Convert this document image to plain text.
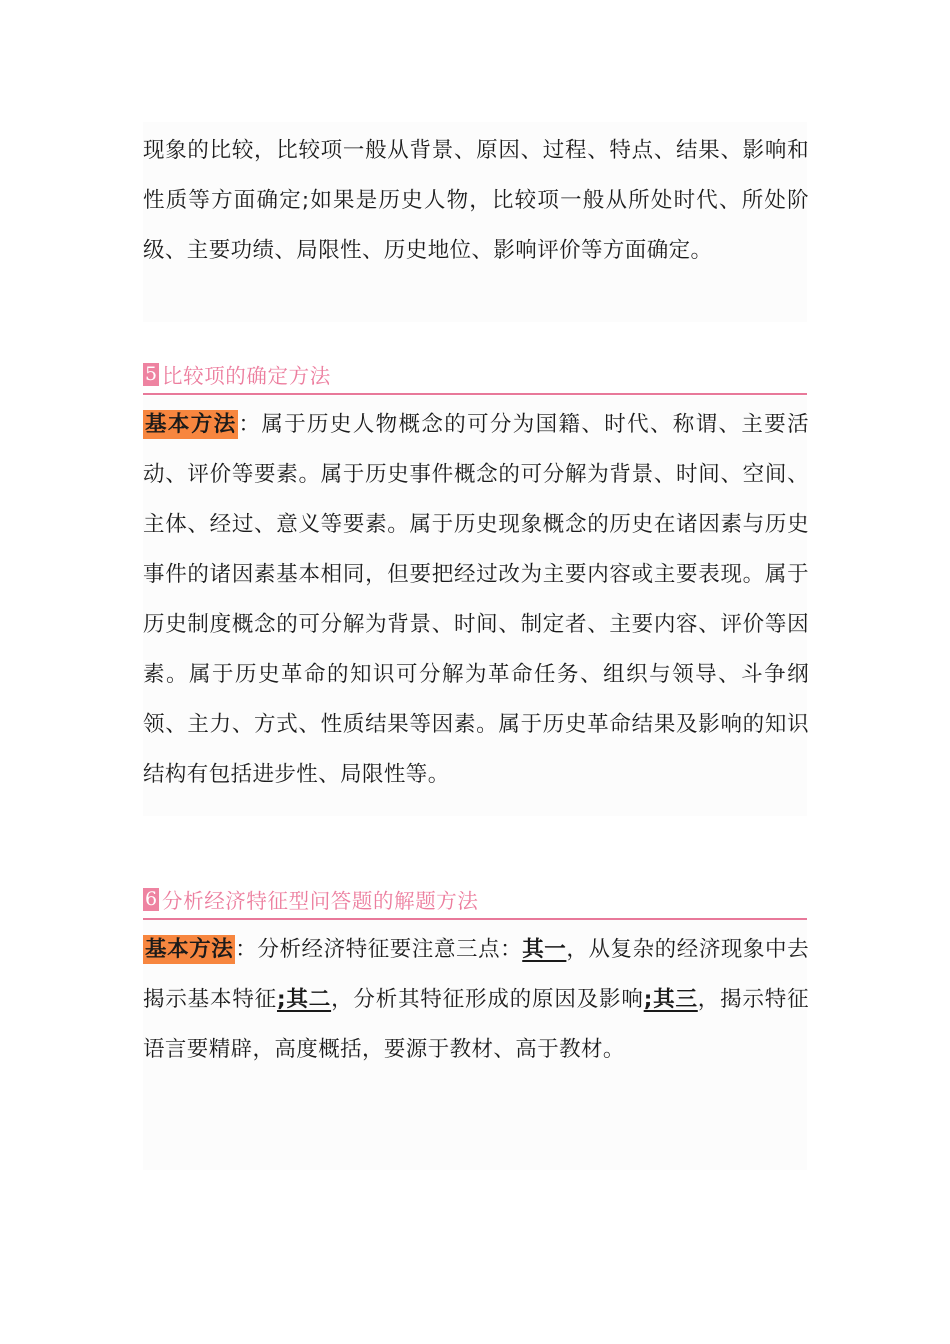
现象的比较，比较项一般从背景、原因、过程、特点、结果、影响和性质等方面确定;如果是历史人物，比较项一般从所处时代、所处阶级、主要功绩、局限性、历史地位、影响评价等方面确定。

5 比较项的确定方法

基本方法：属于历史人物概念的可分为国籍、时代、称谓、主要活动、评价等要素。属于历史事件概念的可分解为背景、时间、空间、主体、经过、意义等要素。属于历史现象概念的历史在诸因素与历史事件的诸因素基本相同，但要把经过改为主要内容或主要表现。属于历史制度概念的可分解为背景、时间、制定者、主要内容、评价等因素。属于历史革命的知识可分解为革命任务、组织与领导、斗争纲领、主力、方式、性质结果等因素。属于历史革命结果及影响的知识结构有包括进步性、局限性等。

6 分析经济特征型问答题的解题方法

基本方法：分析经济特征要注意三点：其一，从复杂的经济现象中去揭示基本特征;其二，分析其特征形成的原因及影响;其三，揭示特征语言要精辟，高度概括，要源于教材、高于教材。
